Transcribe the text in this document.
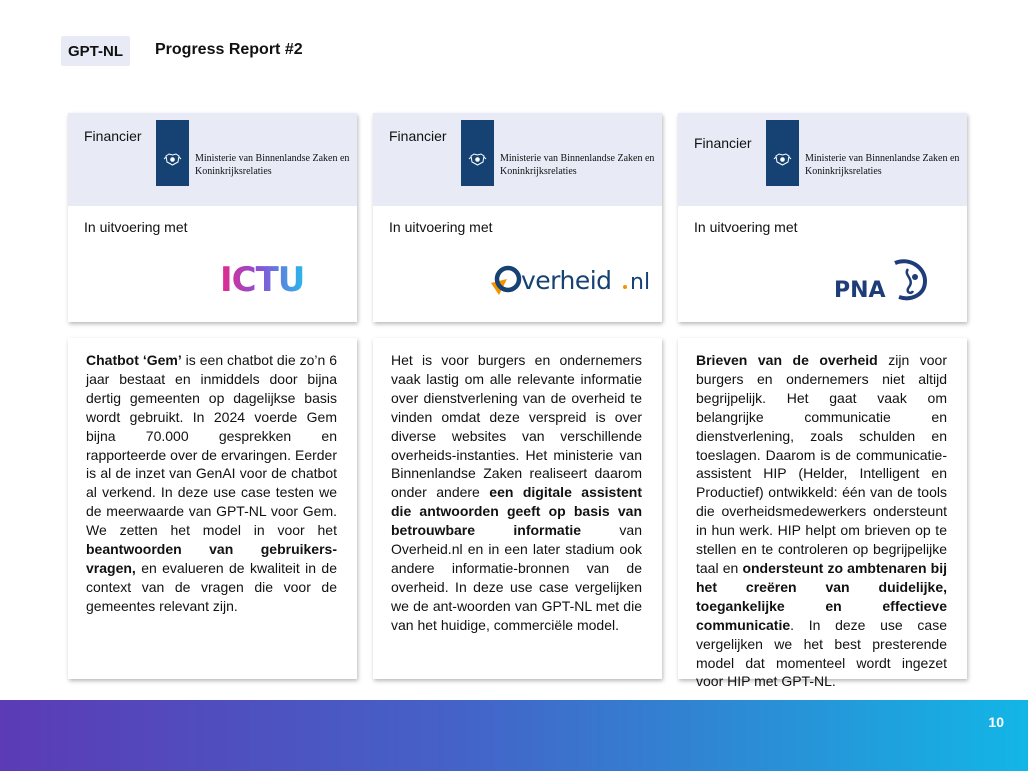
GPT-NL	Progress Report #2
Financier
Ministerie van Binnenlandse Zaken en
Koninkrijksrelaties
In uitvoering met
ICTU
Financier
Ministerie van Binnenlandse Zaken en
Koninkrijksrelaties
In uitvoering met
verheid nl
Financier
Ministerie van Binnenlandse Zaken en
Koninkrijksrelaties
In uitvoering met
PNA

Chatbot ‘Gem’ is een chatbot die zo’n 6 jaar bestaat en inmiddels door bijna dertig gemeenten op dagelijkse basis wordt gebruikt. In 2024 voerde Gem bijna 70.000 gesprekken en rapporteerde over de ervaringen. Eerder is al de inzet van GenAI voor de chatbot al verkend. In deze use case testen we de meerwaarde van GPT-NL voor Gem. We zetten het model in voor het beantwoorden van gebruikers-vragen, en evalueren de kwaliteit in de context van de vragen die voor de gemeentes relevant zijn.

Het is voor burgers en ondernemers vaak lastig om alle relevante informatie over dienstverlening van de overheid te vinden omdat deze verspreid is over diverse websites van verschillende overheids-instanties. Het ministerie van Binnenlandse Zaken realiseert daarom onder andere een digitale assistent die antwoorden geeft op basis van betrouwbare informatie van Overheid.nl en in een later stadium ook andere informatie-bronnen van de overheid. In deze use case vergelijken we de ant-woorden van GPT-NL met die van het huidige, commerciële model.

Brieven van de overheid zijn voor burgers en ondernemers niet altijd begrijpelijk. Het gaat vaak om belangrijke communicatie en dienstverlening, zoals schulden en toeslagen. Daarom is de communicatie-assistent HIP (Helder, Intelligent en Productief) ontwikkeld: één van de tools die overheidsmedewerkers ondersteunt in hun werk. HIP helpt om brieven op te stellen en te controleren op begrijpelijke taal en ondersteunt zo ambtenaren bij het creëren van duidelijke, toegankelijke en effectieve communicatie. In deze use case vergelijken we het best presterende model dat momenteel wordt ingezet voor HIP met GPT-NL.

10
